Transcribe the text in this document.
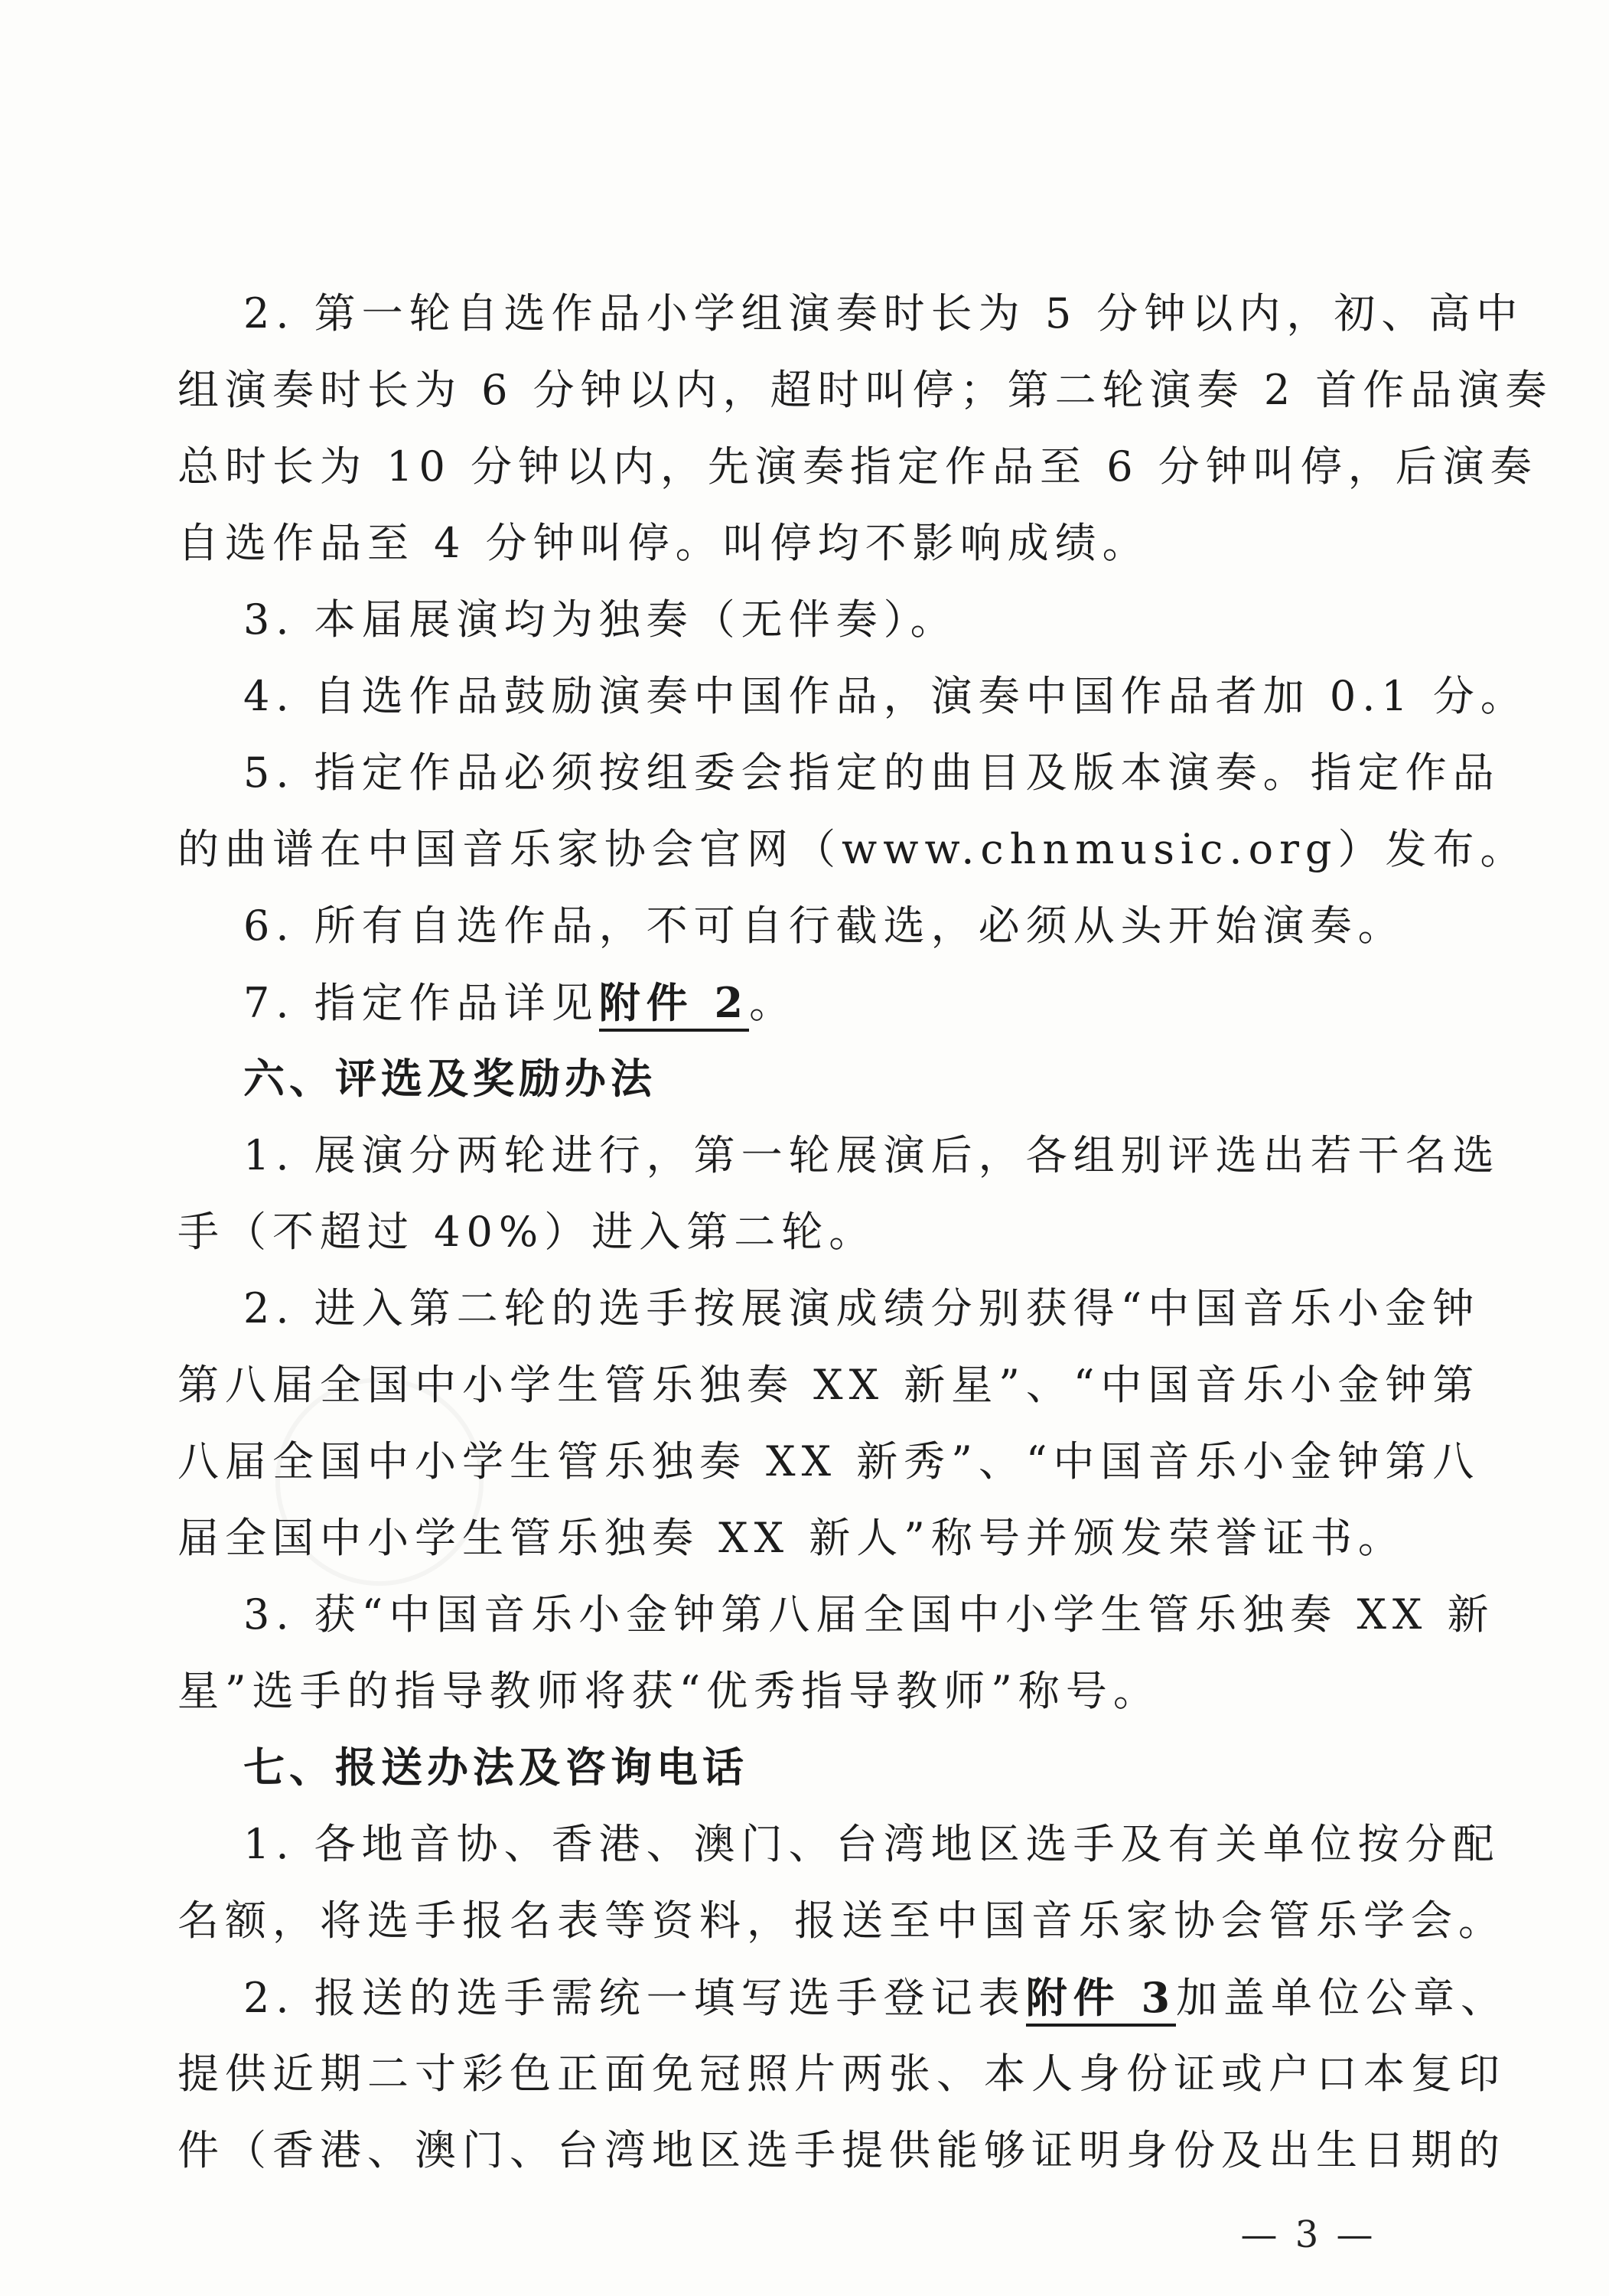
2. 第一轮自选作品小学组演奏时长为 5 分钟以内，初、高中
组演奏时长为 6 分钟以内，超时叫停；第二轮演奏 2 首作品演奏
总时长为 10 分钟以内，先演奏指定作品至 6 分钟叫停，后演奏
自选作品至 4 分钟叫停。叫停均不影响成绩。
3. 本届展演均为独奏（无伴奏）。
4. 自选作品鼓励演奏中国作品，演奏中国作品者加 0.1 分。
5. 指定作品必须按组委会指定的曲目及版本演奏。指定作品
的曲谱在中国音乐家协会官网（www.chnmusic.org）发布。
6. 所有自选作品，不可自行截选，必须从头开始演奏。
7. 指定作品详见附件 2。
六、评选及奖励办法
1. 展演分两轮进行，第一轮展演后，各组别评选出若干名选
手（不超过 40%）进入第二轮。
2. 进入第二轮的选手按展演成绩分别获得“中国音乐小金钟
第八届全国中小学生管乐独奏 XX 新星”、“中国音乐小金钟第
八届全国中小学生管乐独奏 XX 新秀”、“中国音乐小金钟第八
届全国中小学生管乐独奏 XX 新人”称号并颁发荣誉证书。
3. 获“中国音乐小金钟第八届全国中小学生管乐独奏 XX 新
星”选手的指导教师将获“优秀指导教师”称号。
七、报送办法及咨询电话
1. 各地音协、香港、澳门、台湾地区选手及有关单位按分配
名额，将选手报名表等资料，报送至中国音乐家协会管乐学会。
2. 报送的选手需统一填写选手登记表附件 3加盖单位公章、
提供近期二寸彩色正面免冠照片两张、本人身份证或户口本复印
件（香港、澳门、台湾地区选手提供能够证明身份及出生日期的
— 3 —
